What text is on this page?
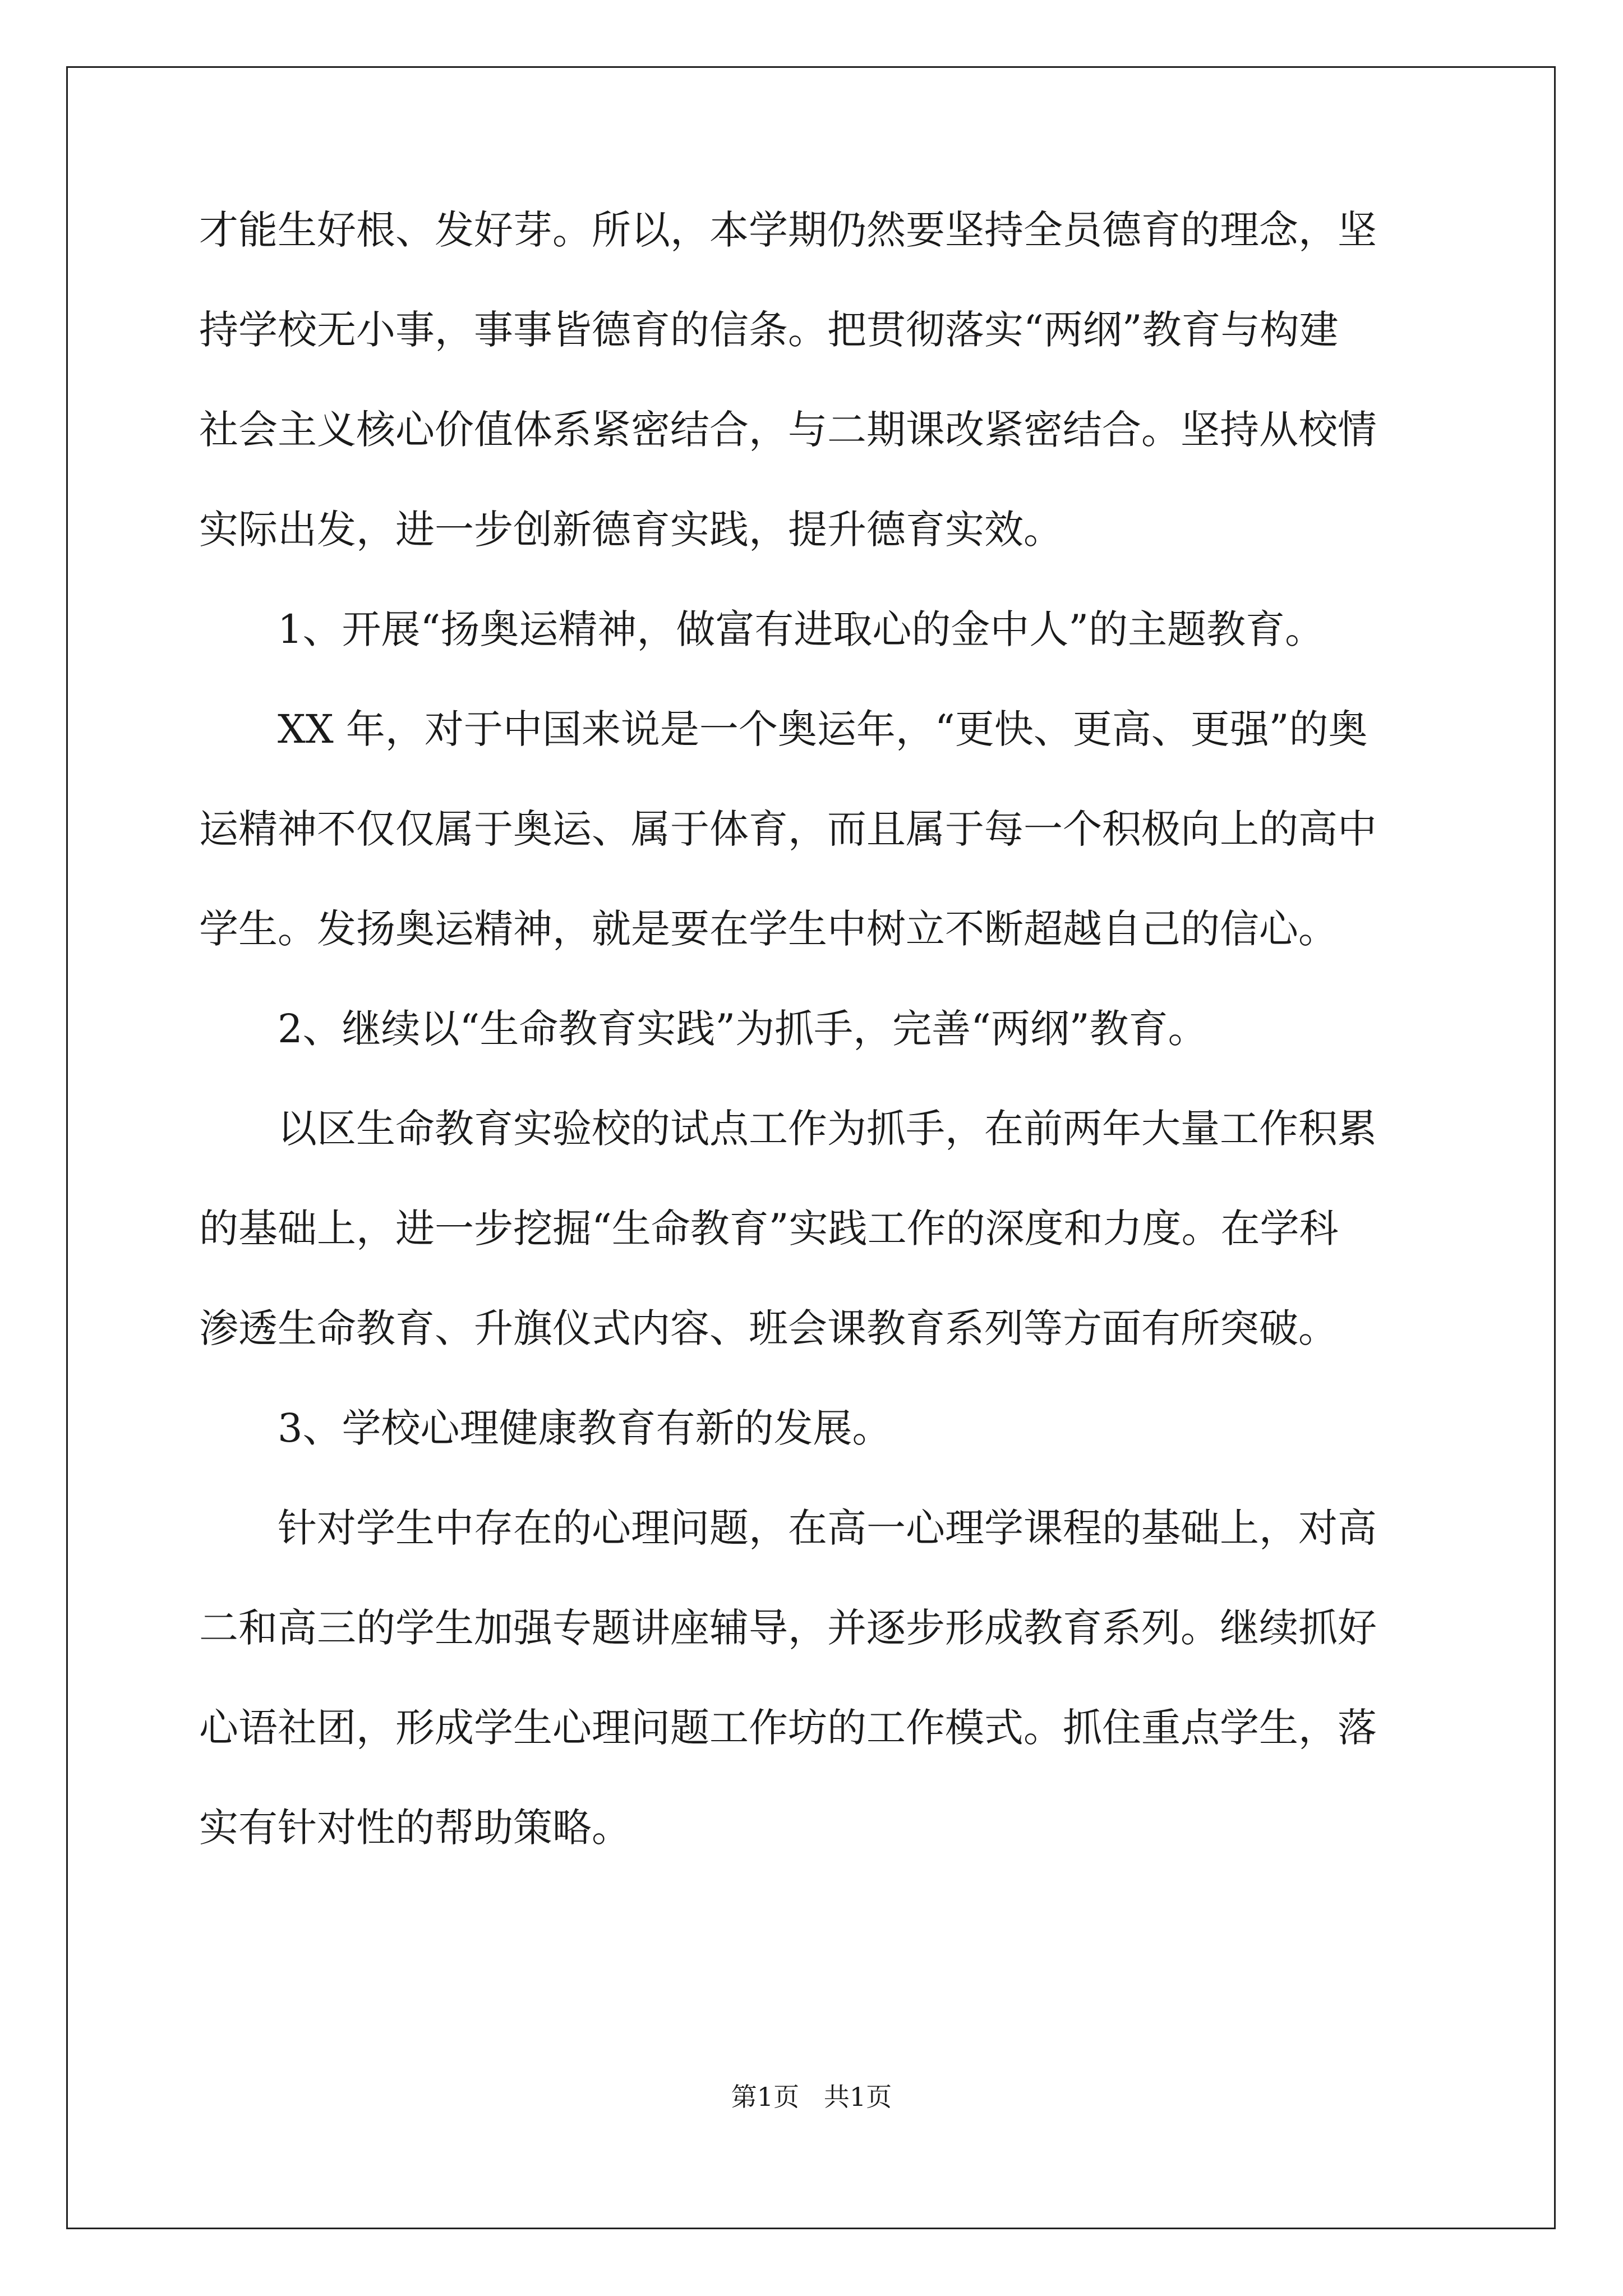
才能生好根、发好芽。所以，本学期仍然要坚持全员德育的理念，坚
持学校无小事，事事皆德育的信条。把贯彻落实“两纲”教育与构建
社会主义核心价值体系紧密结合，与二期课改紧密结合。坚持从校情
实际出发，进一步创新德育实践，提升德育实效。
　　1、开展“扬奥运精神，做富有进取心的金中人”的主题教育。
　　XX 年，对于中国来说是一个奥运年，“更快、更高、更强”的奥
运精神不仅仅属于奥运、属于体育，而且属于每一个积极向上的高中
学生。发扬奥运精神，就是要在学生中树立不断超越自己的信心。
　　2、继续以“生命教育实践”为抓手，完善“两纲”教育。
　　以区生命教育实验校的试点工作为抓手，在前两年大量工作积累
的基础上，进一步挖掘“生命教育”实践工作的深度和力度。在学科
渗透生命教育、升旗仪式内容、班会课教育系列等方面有所突破。
　　3、学校心理健康教育有新的发展。
　　针对学生中存在的心理问题，在高一心理学课程的基础上，对高
二和高三的学生加强专题讲座辅导，并逐步形成教育系列。继续抓好
心语社团，形成学生心理问题工作坊的工作模式。抓住重点学生，落
实有针对性的帮助策略。
第1页   共1页
